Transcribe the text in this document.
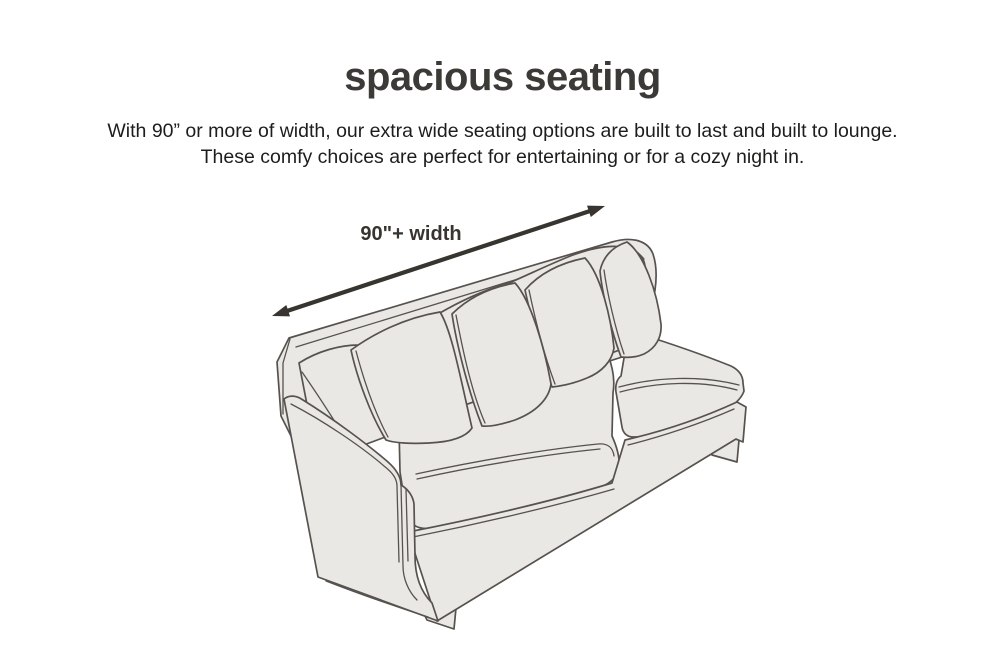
spacious seating

With 90” or more of width, our extra wide seating options are built to last and built to lounge.
These comfy choices are perfect for entertaining or for a cozy night in.

90"+ width
